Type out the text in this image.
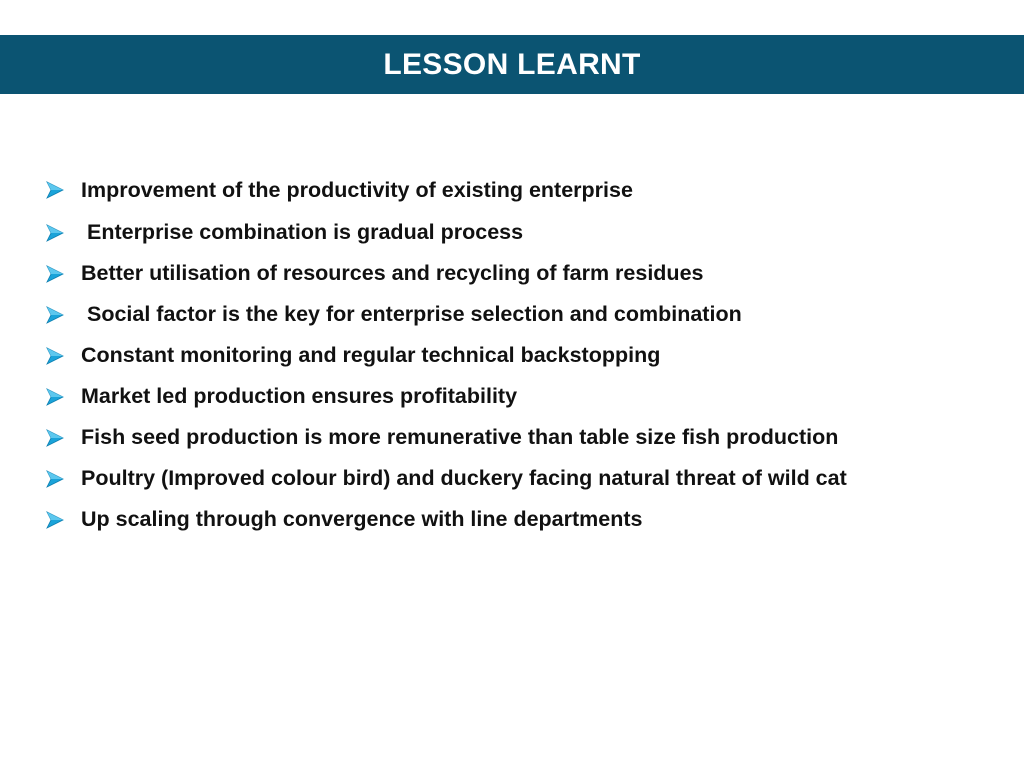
LESSON LEARNT
Improvement of the productivity of existing enterprise
Enterprise combination is gradual process
Better utilisation of resources and recycling of farm residues
Social factor is the key for enterprise selection and combination
Constant monitoring and regular technical backstopping
Market led production ensures profitability
Fish seed production is more remunerative than table size fish production
Poultry (Improved colour bird) and duckery facing natural threat of wild cat
Up scaling through convergence with line departments
